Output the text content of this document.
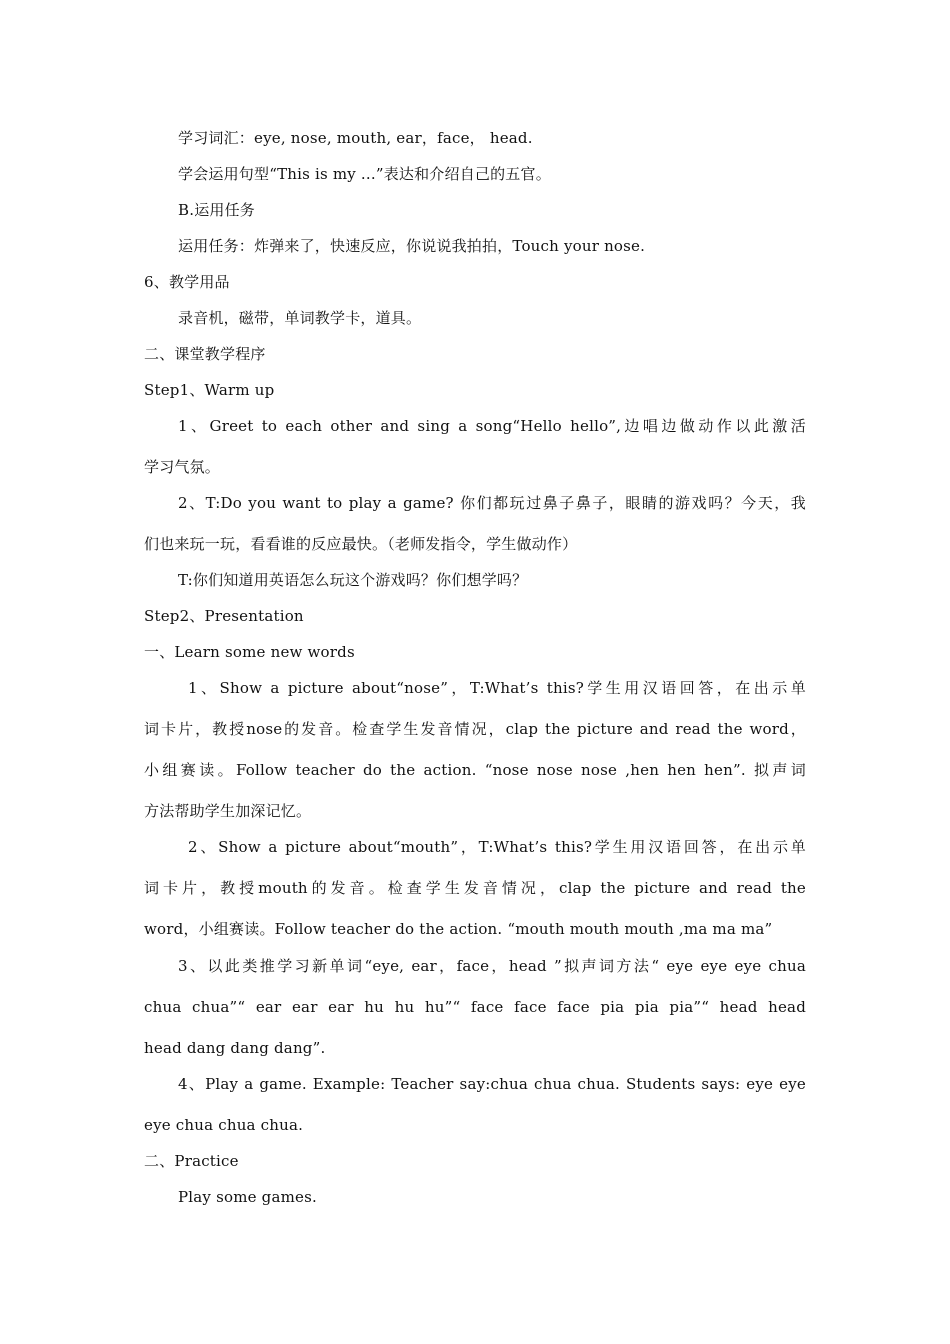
学习词汇：eye, nose, mouth, ear，face， head.
学会运用句型“This is my ...”表达和介绍自己的五官。
B.运用任务
运用任务：炸弹来了，快速反应，你说说我拍拍，Touch your nose.
6、教学用品
录音机，磁带，单词教学卡，道具。
二、课堂教学程序
Step1、Warm up
1、Greet to each other and sing a song“Hello hello”,边唱边做动作以此激活
学习气氛。
2、T:Do you want to play a game? 你们都玩过鼻子鼻子，眼睛的游戏吗？今天，我
们也来玩一玩，看看谁的反应最快。（老师发指令，学生做动作）
T:你们知道用英语怎么玩这个游戏吗？你们想学吗？
Step2、Presentation
一、Learn some new words
1、Show a picture about“nose”，T:What’s this?学生用汉语回答，在出示单
词卡片，教授nose的发音。检查学生发音情况，clap the picture and read the word，
小组赛读。Follow teacher do the action. “nose nose nose ,hen hen hen”. 拟声词
方法帮助学生加深记忆。
2、Show a picture about“mouth”，T:What’s this?学生用汉语回答，在出示单
词卡片，教授mouth的发音。检查学生发音情况，clap the picture and read the
word，小组赛读。Follow teacher do the action. “mouth mouth mouth ,ma ma ma”
3、以此类推学习新单词“eye, ear，face，head ”拟声词方法“ eye eye eye chua
chua chua”“ ear ear ear hu hu hu”“ face face face pia pia pia”“ head head
head dang dang dang”.
4、Play a game. Example: Teacher say:chua chua chua. Students says: eye eye
eye chua chua chua.
二、Practice
Play some games.
